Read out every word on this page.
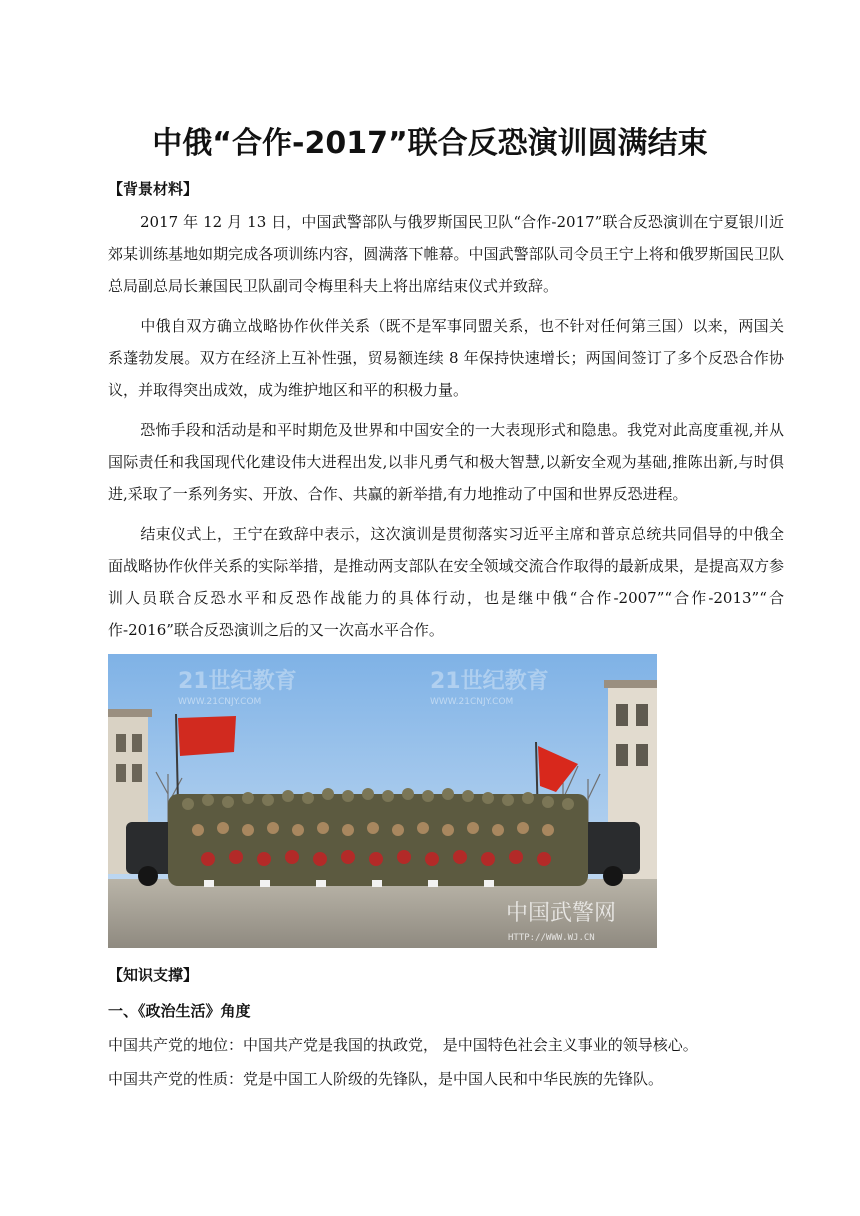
中俄“合作-2017”联合反恐演训圆满结束
【背景材料】
2017 年 12 月 13 日，中国武警部队与俄罗斯国民卫队“合作-2017”联合反恐演训在宁夏银川近郊某训练基地如期完成各项训练内容，圆满落下帷幕。中国武警部队司令员王宁上将和俄罗斯国民卫队总局副总局长兼国民卫队副司令梅里科夫上将出席结束仪式并致辞。
中俄自双方确立战略协作伙伴关系（既不是军事同盟关系，也不针对任何第三国）以来，两国关系蓬勃发展。双方在经济上互补性强，贸易额连续 8 年保持快速增长；两国间签订了多个反恐合作协议，并取得突出成效，成为维护地区和平的积极力量。
恐怖手段和活动是和平时期危及世界和中国安全的一大表现形式和隐患。我党对此高度重视,并从国际责任和我国现代化建设伟大进程出发,以非凡勇气和极大智慧,以新安全观为基础,推陈出新,与时俱进,采取了一系列务实、开放、合作、共赢的新举措,有力地推动了中国和世界反恐进程。
结束仪式上，王宁在致辞中表示，这次演训是贯彻落实习近平主席和普京总统共同倡导的中俄全面战略协作伙伴关系的实际举措，是推动两支部队在安全领域交流合作取得的最新成果，是提高双方参训人员联合反恐水平和反恐作战能力的具体行动，也是继中俄“合作-2007”“合作-2013”“合作-2016”联合反恐演训之后的又一次高水平合作。
21世纪教育	21世纪教育
WWW.21CNJY.COM	WWW.21CNJY.COM
中国武警网
HTTP://WWW.WJ.CN
【知识支撑】
一、《政治生活》角度
中国共产党的地位：中国共产党是我国的执政党， 是中国特色社会主义事业的领导核心。
中国共产党的性质：党是中国工人阶级的先锋队，是中国人民和中华民族的先锋队。
